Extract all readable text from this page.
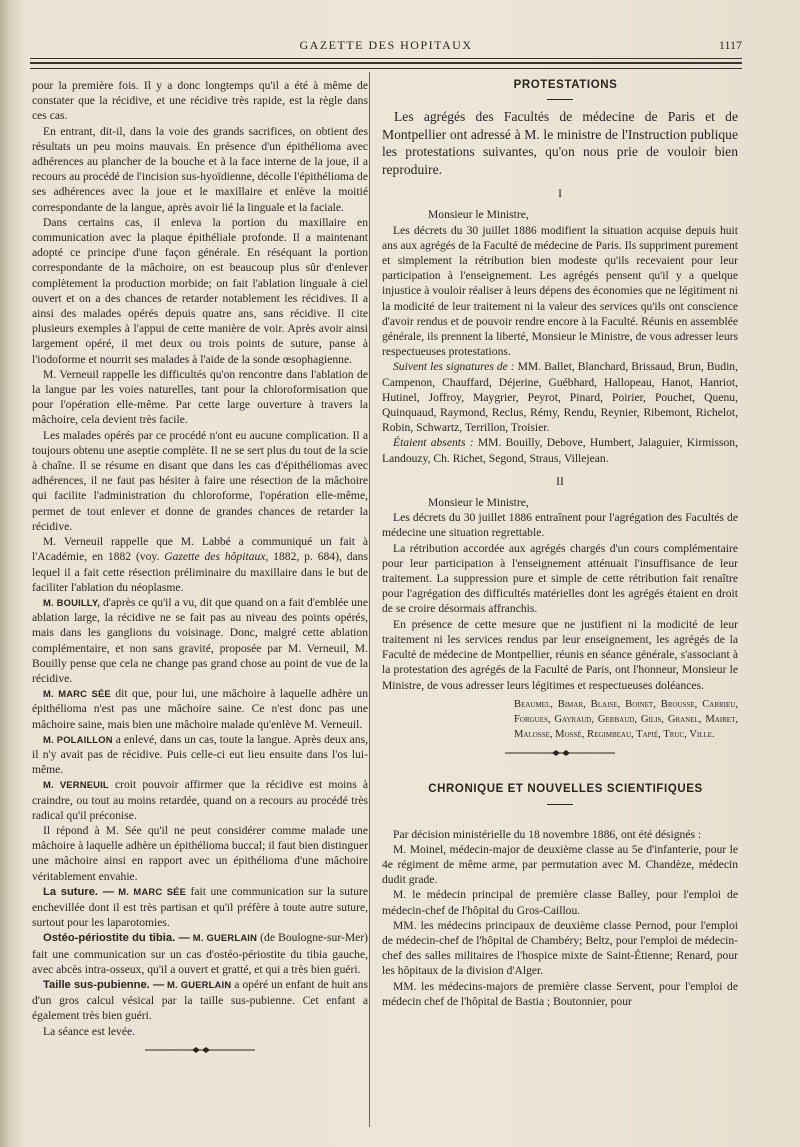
GAZETTE DES HOPITAUX	1117

pour la première fois. Il y a donc longtemps qu'il a été à même de constater que la récidive, et une récidive très rapide, est la règle dans ces cas.

En entrant, dit-il, dans la voie des grands sacrifices, on obtient des résultats un peu moins mauvais. En présence d'un épithélioma avec adhérences au plancher de la bouche et à la face interne de la joue, il a recours au procédé de l'incision sus-hyoïdienne, décolle l'épithélioma de ses adhérences avec la joue et le maxillaire et enlève la moitié correspondante de la langue, après avoir lié la linguale et la faciale.

Dans certains cas, il enleva la portion du maxillaire en communication avec la plaque épithéliale profonde. Il a maintenant adopté ce principe d'une façon générale. En réséquant la portion correspondante de la mâchoire, on est beaucoup plus sûr d'enlever complètement la production morbide; on fait l'ablation linguale à ciel ouvert et on a des chances de retarder notablement les récidives. Il a ainsi des malades opérés depuis quatre ans, sans récidive. Il cite plusieurs exemples à l'appui de cette manière de voir. Après avoir ainsi largement opéré, il met deux ou trois points de suture, panse à l'iodoforme et nourrit ses malades à l'aide de la sonde œsophagienne.

M. Verneuil rappelle les difficultés qu'on rencontre dans l'ablation de la langue par les voies naturelles, tant pour la chloroformisation que pour l'opération elle-même. Par cette large ouverture à travers la mâchoire, cela devient très facile.

Les malades opérés par ce procédé n'ont eu aucune complication. Il a toujours obtenu une aseptie complète. Il ne se sert plus du tout de la scie à chaîne. Il se résume en disant que dans les cas d'épithéliomas avec adhérences, il ne faut pas hésiter à faire une résection de la mâchoire qui facilite l'administration du chloroforme, l'opération elle-même, permet de tout enlever et donne de grandes chances de retarder la récidive.

M. Verneuil rappelle que M. Labbé a communiqué un fait à l'Académie, en 1882 (voy. Gazette des hôpitaux, 1882, p. 684), dans lequel il a fait cette résection préliminaire du maxillaire dans le but de faciliter l'ablation du néoplasme.

M. BOUILLY, d'après ce qu'il a vu, dit que quand on a fait d'emblée une ablation large, la récidive ne se fait pas au niveau des points opérés, mais dans les ganglions du voisinage. Donc, malgré cette ablation complémentaire, et non sans gravité, proposée par M. Verneuil, M. Bouilly pense que cela ne change pas grand chose au point de vue de la récidive.

M. MARC SÉE dit que, pour lui, une mâchoire à laquelle adhère un épithélioma n'est pas une mâchoire saine. Ce n'est donc pas une mâchoire saine, mais bien une mâchoire malade qu'enlève M. Verneuil.

M. POLAILLON a enlevé, dans un cas, toute la langue. Après deux ans, il n'y avait pas de récidive. Puis celle-ci eut lieu ensuite dans l'os lui-même.

M. VERNEUIL croit pouvoir affirmer que la récidive est moins à craindre, ou tout au moins retardée, quand on a recours au procédé très radical qu'il préconise.

Il répond à M. Sée qu'il ne peut considérer comme malade une mâchoire à laquelle adhère un épithélioma buccal; il faut bien distinguer une mâchoire ainsi en rapport avec un épithélioma d'une mâchoire véritablement envahie.

La suture. — M. MARC SÉE fait une communication sur la suture enchevillée dont il est très partisan et qu'il préfère à toute autre suture, surtout pour les laparotomies.

Ostéo-périostite du tibia. — M. GUERLAIN (de Boulogne-sur-Mer) fait une communication sur un cas d'ostéo-périostite du tibia gauche, avec abcès intra-osseux, qu'il a ouvert et gratté, et qui a très bien guéri.

Taille sus-pubienne. — M. GUERLAIN a opéré un enfant de huit ans d'un gros calcul vésical par la taille sus-pubienne. Cet enfant a également très bien guéri.

La séance est levée.

PROTESTATIONS

Les agrégés des Facultés de médecine de Paris et de Montpellier ont adressé à M. le ministre de l'Instruction publique les protestations suivantes, qu'on nous prie de vouloir bien reproduire.

I

Monsieur le Ministre,

Les décrets du 30 juillet 1886 modifient la situation acquise depuis huit ans aux agrégés de la Faculté de médecine de Paris. Ils suppriment purement et simplement la rétribution bien modeste qu'ils recevaient pour leur participation à l'enseignement. Les agrégés pensent qu'il y a quelque injustice à vouloir réaliser à leurs dépens des économies que ne légitiment ni la modicité de leur traitement ni la valeur des services qu'ils ont conscience d'avoir rendus et de pouvoir rendre encore à la Faculté. Réunis en assemblée générale, ils prennent la liberté, Monsieur le Ministre, de vous adresser leurs respectueuses protestations.

Suivent les signatures de : MM. Ballet, Blanchard, Brissaud, Brun, Budin, Campenon, Chauffard, Déjerine, Guébhard, Hallopeau, Hanot, Hanriot, Hutinel, Joffroy, Maygrier, Peyrot, Pinard, Poirier, Pouchet, Quenu, Quinquaud, Raymond, Reclus, Rémy, Rendu, Reynier, Ribemont, Richelot, Robin, Schwartz, Terrillon, Troisier.

Étaient absents : MM. Bouilly, Debove, Humbert, Jalaguier, Kirmisson, Landouzy, Ch. Richet, Segond, Straus, Villejean.

II

Monsieur le Ministre,

Les décrets du 30 juillet 1886 entraînent pour l'agrégation des Facultés de médecine une situation regrettable.

La rétribution accordée aux agrégés chargés d'un cours complémentaire pour leur participation à l'enseignement atténuait l'insuffisance de leur traitement. La suppression pure et simple de cette rétribution fait renaître pour l'agrégation des difficultés matérielles dont les agrégés étaient en droit de se croire désormais affranchis.

En présence de cette mesure que ne justifient ni la modicité de leur traitement ni les services rendus par leur enseignement, les agrégés de la Faculté de médecine de Montpellier, réunis en séance générale, s'associant à la protestation des agrégés de la Faculté de Paris, ont l'honneur, Monsieur le Ministre, de vous adresser leurs légitimes et respectueuses doléances.

Beaumel, Bimar, Blaise, Boinet, Brousse, Carrieu, Forgues, Gayraud, Gerbaud, Gilis, Granel, Mairet, Malosse, Mossé, Regimbeau, Tapié, Truc, Ville.

CHRONIQUE ET NOUVELLES SCIENTIFIQUES

Par décision ministérielle du 18 novembre 1886, ont été désignés :

M. Moinel, médecin-major de deuxième classe au 5e d'infanterie, pour le 4e régiment de même arme, par permutation avec M. Chandèze, médecin dudit grade.

M. le médecin principal de première classe Balley, pour l'emploi de médecin-chef de l'hôpital du Gros-Caillou.

MM. les médecins principaux de deuxième classe Pernod, pour l'emploi de médecin-chef de l'hôpital de Chambéry; Beltz, pour l'emploi de médecin-chef des salles militaires de l'hospice mixte de Saint-Étienne; Renard, pour les hôpitaux de la division d'Alger.

MM. les médecins-majors de première classe Servent, pour l'emploi de médecin chef de l'hôpital de Bastia ; Boutonnier, pour
